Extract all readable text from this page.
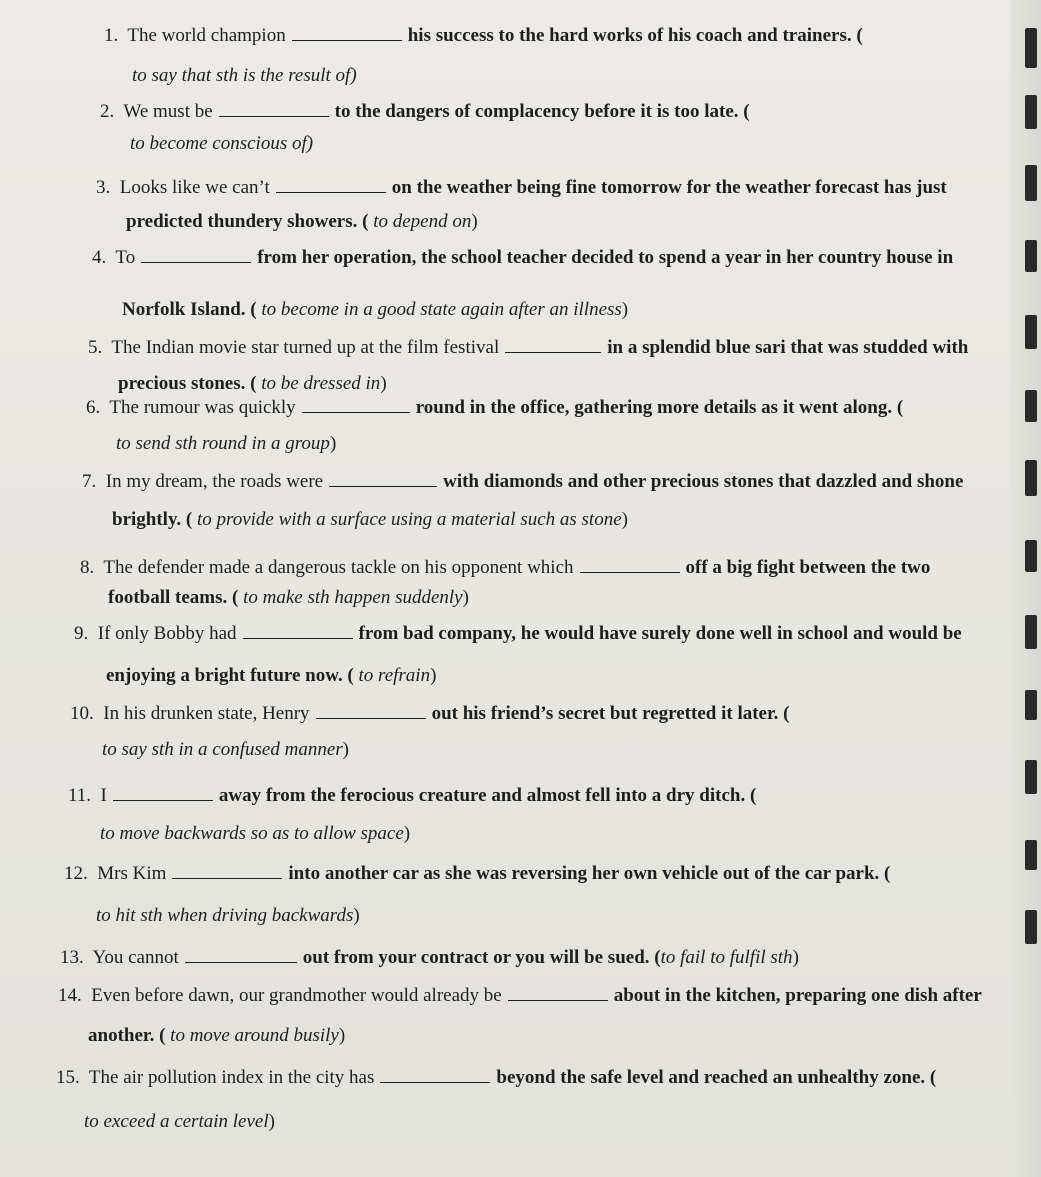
1. The world champion	his success to the hard works of his coach and trainers. (
to say that sth is the result of)
2. We must be	to the dangers of complacency before it is too late. (
to become conscious of)
3. Looks like we can’t	on the weather being fine tomorrow for the weather forecast has just
predicted thundery showers. ( to depend on)
4. To	from her operation, the school teacher decided to spend a year in her country house in
Norfolk Island. ( to become in a good state again after an illness)
5. The Indian movie star turned up at the film festival	in a splendid blue sari that was studded with
precious stones. ( to be dressed in)
6. The rumour was quickly	round in the office, gathering more details as it went along. (
to send sth round in a group)
7. In my dream, the roads were	with diamonds and other precious stones that dazzled and shone
brightly. ( to provide with a surface using a material such as stone)
8. The defender made a dangerous tackle on his opponent which	off a big fight between the two
football teams. ( to make sth happen suddenly)
9. If only Bobby had	from bad company, he would have surely done well in school and would be
enjoying a bright future now. ( to refrain)
10. In his drunken state, Henry	out his friend’s secret but regretted it later. (
to say sth in a confused manner)
11. I	away from the ferocious creature and almost fell into a dry ditch. (
to move backwards so as to allow space)
12. Mrs Kim	into another car as she was reversing her own vehicle out of the car park. (
to hit sth when driving backwards)
13. You cannot	out from your contract or you will be sued. (to fail to fulfil sth)
14. Even before dawn, our grandmother would already be	about in the kitchen, preparing one dish after
another. ( to move around busily)
15. The air pollution index in the city has	beyond the safe level and reached an unhealthy zone. (
to exceed a certain level)
